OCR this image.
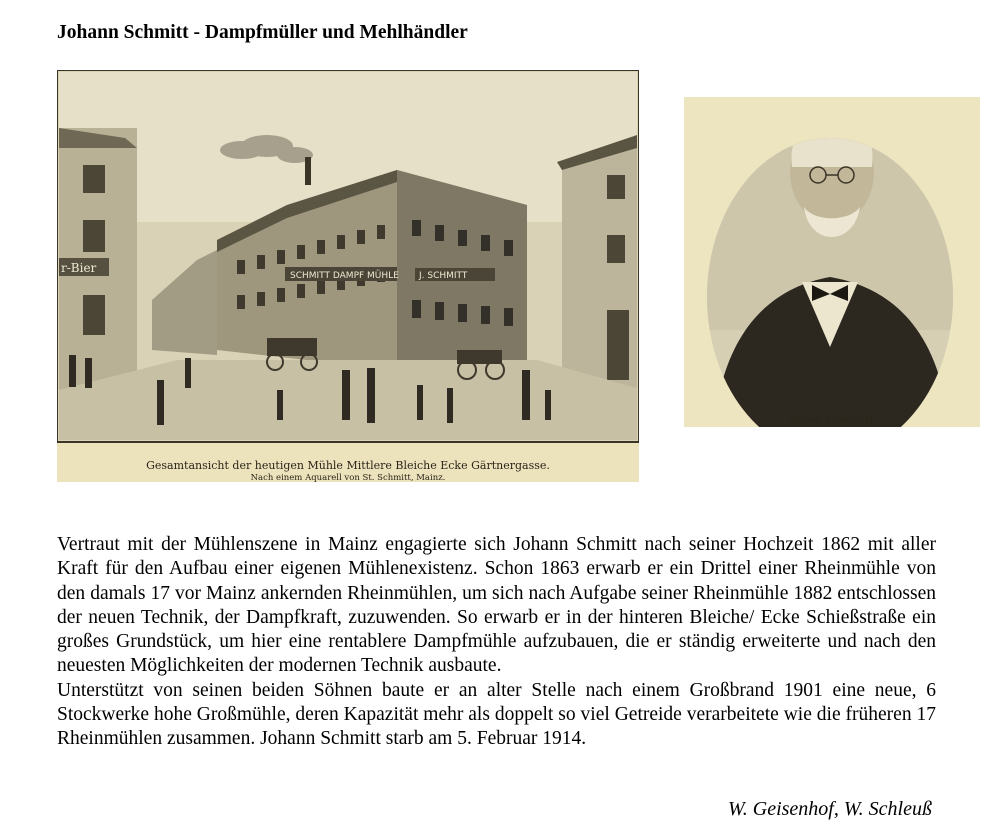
Johann Schmitt - Dampfmüller und Mehlhändler
r-Bier
SCHMITT DAMPF MÜHLE J. SCHMITT
Gesamtansicht der heutigen Mühle Mittlere Bleiche Ecke Gärtnergasse.
Nach einem Aquarell von St. Schmitt, Mainz.
Johann Schmitt II.

Vertraut mit der Mühlenszene in Mainz engagierte sich Johann Schmitt nach seiner Hochzeit 1862 mit aller Kraft für den Aufbau einer eigenen Mühlenexistenz. Schon 1863 erwarb er ein Drittel einer Rheinmühle von den damals 17 vor Mainz ankernden Rheinmühlen, um sich nach Aufgabe seiner Rheinmühle 1882 entschlossen der neuen Technik, der Dampfkraft, zuzuwenden. So erwarb er in der hinteren Bleiche/ Ecke Schießstraße ein großes Grundstück, um hier eine rentablere Dampfmühle aufzubauen, die er ständig erweiterte und nach den neuesten Möglichkeiten der modernen Technik ausbaute.

Unterstützt von seinen beiden Söhnen baute er an alter Stelle nach einem Großbrand 1901 eine neue, 6 Stockwerke hohe Großmühle, deren Kapazität mehr als doppelt so viel Getreide verarbeitete wie die früheren 17 Rheinmühlen zusammen. Johann Schmitt starb am 5. Februar 1914.

W. Geisenhof, W. Schleuß
